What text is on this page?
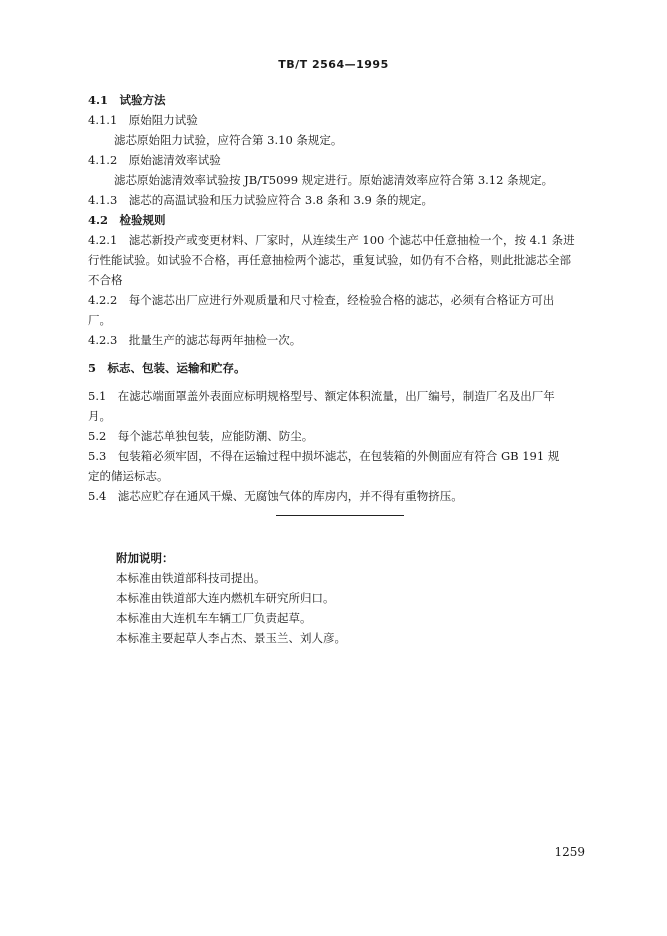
TB/T 2564—1995
4.1　试验方法
4.1.1　原始阻力试验
滤芯原始阻力试验，应符合第 3.10 条规定。
4.1.2　原始滤清效率试验
滤芯原始滤清效率试验按 JB/T5099 规定进行。原始滤清效率应符合第 3.12 条规定。
4.1.3　滤芯的高温试验和压力试验应符合 3.8 条和 3.9 条的规定。
4.2　检验规则
4.2.1　滤芯新投产或变更材料、厂家时，从连续生产 100 个滤芯中任意抽检一个，按 4.1 条进
行性能试验。如试验不合格，再任意抽检两个滤芯，重复试验，如仍有不合格，则此批滤芯全部
不合格
4.2.2　每个滤芯出厂应进行外观质量和尺寸检查，经检验合格的滤芯，必须有合格证方可出
厂。
4.2.3　批量生产的滤芯每两年抽检一次。
5　标志、包装、运输和贮存。
5.1　在滤芯端面罩盖外表面应标明规格型号、额定体积流量，出厂编号，制造厂名及出厂年
月。
5.2　每个滤芯单独包装，应能防潮、防尘。
5.3　包装箱必须牢固，不得在运输过程中损坏滤芯，在包装箱的外侧面应有符合 GB 191 规
定的储运标志。
5.4　滤芯应贮存在通风干燥、无腐蚀气体的库房内，并不得有重物挤压。
附加说明：
本标准由铁道部科技司提出。
本标准由铁道部大连内燃机车研究所归口。
本标准由大连机车车辆工厂负责起草。
本标准主要起草人李占杰、景玉兰、刘人彦。
1259
